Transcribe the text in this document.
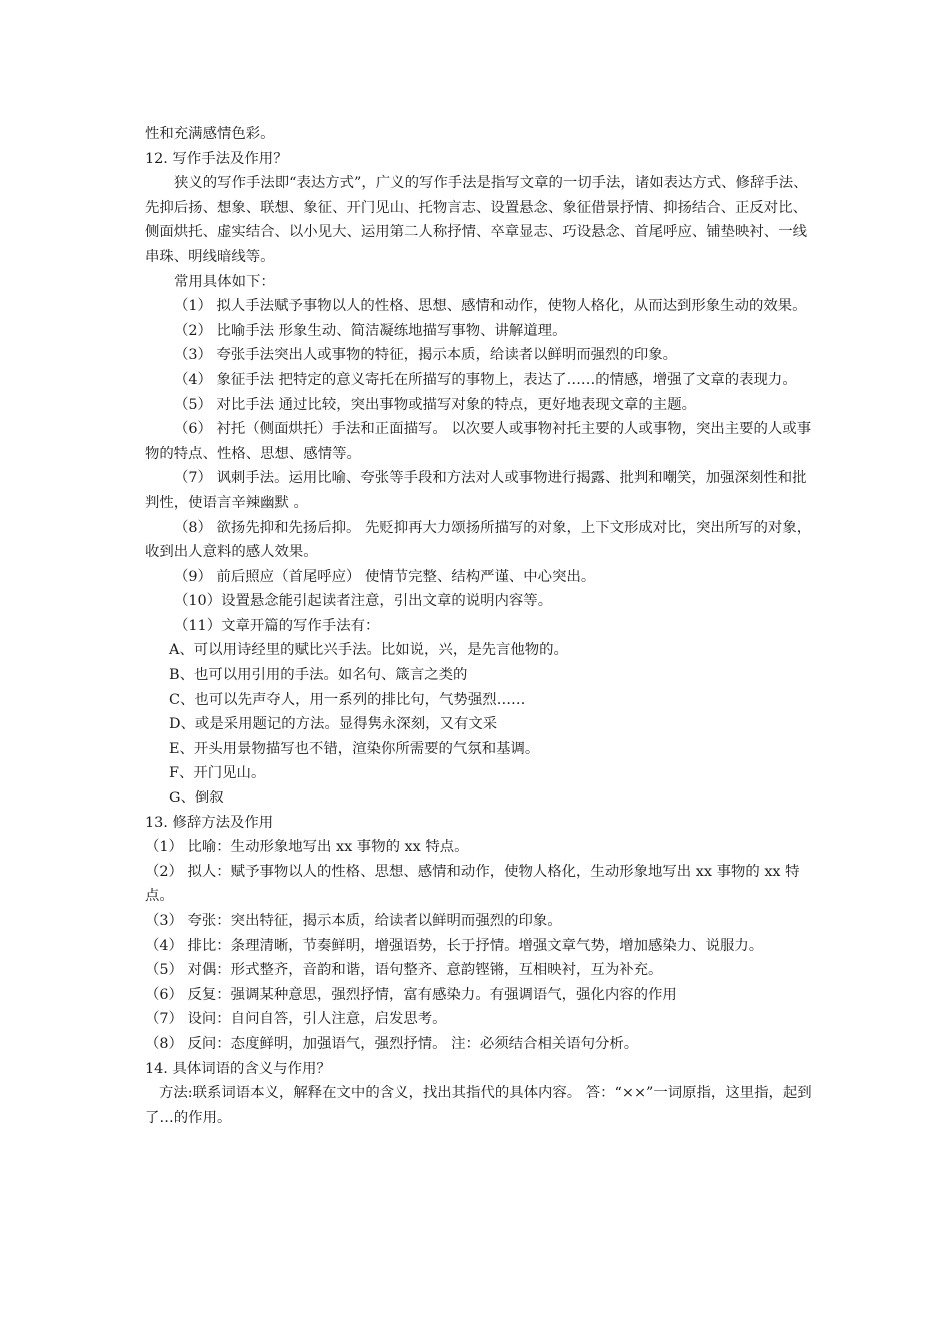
性和充满感情色彩。

12. 写作手法及作用？

狭义的写作手法即“表达方式”，广义的写作手法是指写文章的一切手法，诸如表达方式、修辞手法、先抑后扬、想象、联想、象征、开门见山、托物言志、设置悬念、象征借景抒情、抑扬结合、正反对比、侧面烘托、虚实结合、以小见大、运用第二人称抒情、卒章显志、巧设悬念、首尾呼应、铺垫映衬、一线串珠、明线暗线等。

常用具体如下：

（1） 拟人手法赋予事物以人的性格、思想、感情和动作，使物人格化，从而达到形象生动的效果。

（2） 比喻手法 形象生动、简洁凝练地描写事物、讲解道理。

（3） 夸张手法突出人或事物的特征，揭示本质，给读者以鲜明而强烈的印象。

（4） 象征手法 把特定的意义寄托在所描写的事物上，表达了……的情感，增强了文章的表现力。

（5） 对比手法 通过比较，突出事物或描写对象的特点，更好地表现文章的主题。

（6） 衬托（侧面烘托）手法和正面描写。 以次要人或事物衬托主要的人或事物，突出主要的人或事物的特点、性格、思想、感情等。

（7） 讽刺手法。运用比喻、夸张等手段和方法对人或事物进行揭露、批判和嘲笑，加强深刻性和批判性，使语言辛辣幽默 。

（8） 欲扬先抑和先扬后抑。 先贬抑再大力颂扬所描写的对象，上下文形成对比，突出所写的对象，收到出人意料的感人效果。

（9） 前后照应（首尾呼应） 使情节完整、结构严谨、中心突出。

（10）设置悬念能引起读者注意，引出文章的说明内容等。

（11）文章开篇的写作手法有：

A、可以用诗经里的赋比兴手法。比如说，兴，是先言他物的。

B、也可以用引用的手法。如名句、箴言之类的

C、也可以先声夺人，用一系列的排比句，气势强烈……

D、或是采用题记的方法。显得隽永深刻，又有文采

E、开头用景物描写也不错，渲染你所需要的气氛和基调。

F、开门见山。

G、倒叙

13. 修辞方法及作用

（1） 比喻：生动形象地写出 xx 事物的 xx 特点。

（2） 拟人：赋予事物以人的性格、思想、感情和动作，使物人格化，生动形象地写出 xx 事物的 xx 特点。

（3） 夸张：突出特征，揭示本质，给读者以鲜明而强烈的印象。

（4） 排比：条理清晰，节奏鲜明，增强语势，长于抒情。增强文章气势，增加感染力、说服力。

（5） 对偶：形式整齐，音韵和谐，语句整齐、意韵铿锵，互相映衬，互为补充。

（6） 反复：强调某种意思，强烈抒情，富有感染力。有强调语气，强化内容的作用

（7） 设问：自问自答，引人注意，启发思考。

（8） 反问：态度鲜明，加强语气，强烈抒情。 注：必须结合相关语句分析。

14. 具体词语的含义与作用？

方法:联系词语本义，解释在文中的含义，找出其指代的具体内容。 答：“××”一词原指，这里指，起到了…的作用。
